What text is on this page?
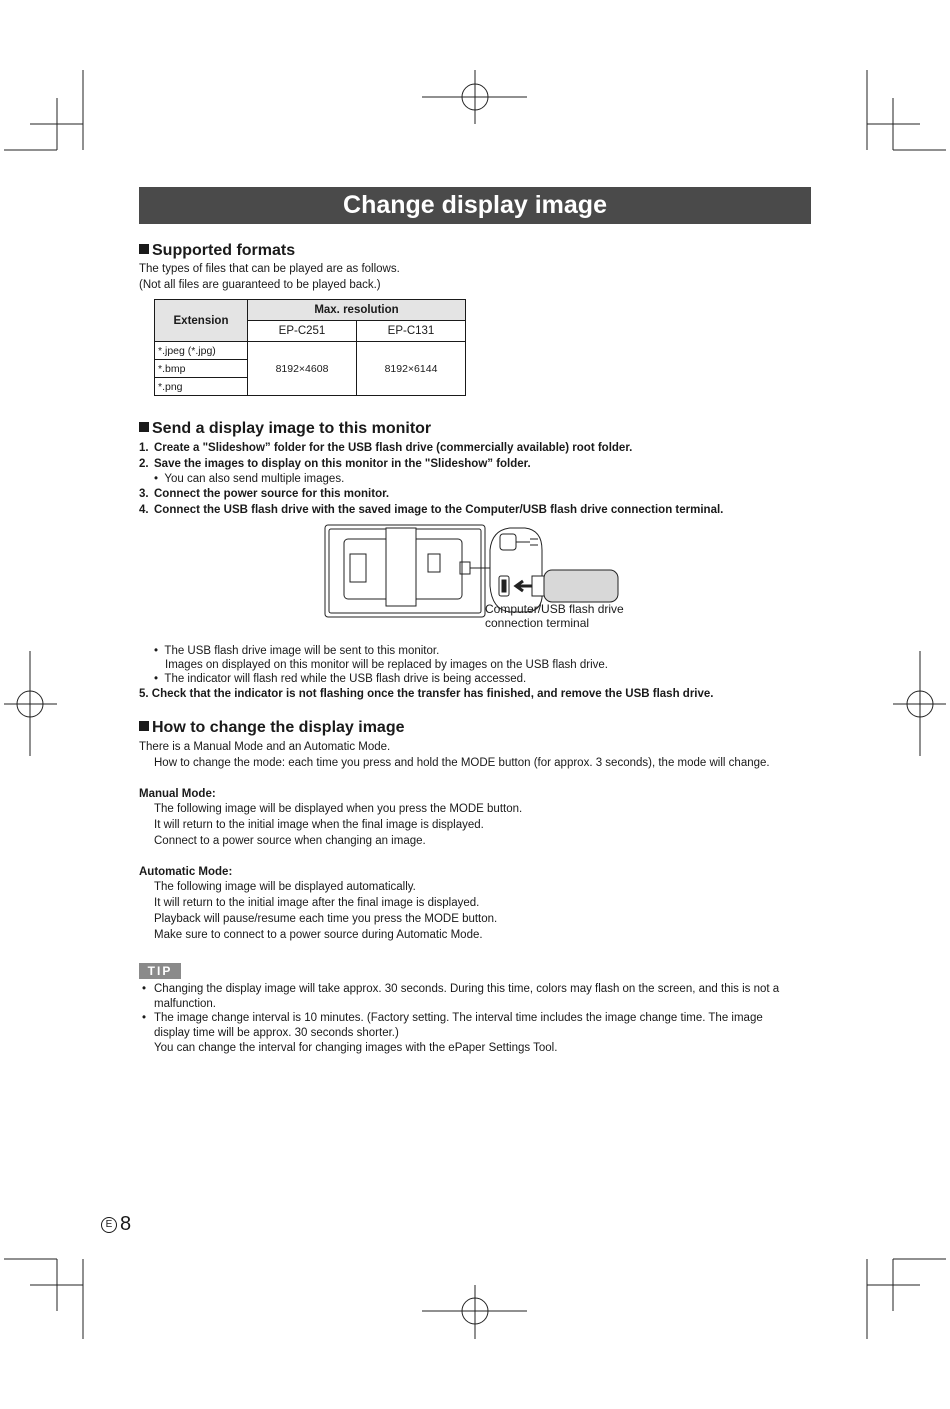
Change display image
Supported formats
The types of files that can be played are as follows.
(Not all files are guaranteed to be played back.)
Extension	Max. resolution	
	EP-C251	EP-C131
*.jpeg (*.jpg)	8192×4608	8192×6144
*.bmp		
*.png		
Send a display image to this monitor
1. Create a "Slideshow” folder for the USB flash drive (commercially available) root folder.
2. Save the images to display on this monitor in the "Slideshow” folder.
•  You can also send multiple images.
3. Connect the power source for this monitor.
4. Connect the USB flash drive with the saved image to the Computer/USB flash drive connection terminal.
Computer/USB flash drive
connection terminal
•  The USB flash drive image will be sent to this monitor.
Images on displayed on this monitor will be replaced by images on the USB flash drive.
•  The indicator will flash red while the USB flash drive is being accessed.
5. Check that the indicator is not flashing once the transfer has finished, and remove the USB flash drive.
How to change the display image
There is a Manual Mode and an Automatic Mode.
How to change the mode: each time you press and hold the MODE button (for approx. 3 seconds), the mode will change.
Manual Mode:
The following image will be displayed when you press the MODE button.
It will return to the initial image when the final image is displayed.
Connect to a power source when changing an image.
Automatic Mode:
The following image will be displayed automatically.
It will return to the initial image after the final image is displayed.
Playback will pause/resume each time you press the MODE button.
Make sure to connect to a power source during Automatic Mode.
TIP
• Changing the display image will take approx. 30 seconds. During this time, colors may flash on the screen, and this is not a
malfunction.
• The image change interval is 10 minutes. (Factory setting. The interval time includes the image change time. The image
display time will be approx. 30 seconds shorter.)
You can change the interval for changing images with the ePaper Settings Tool.
E 8
